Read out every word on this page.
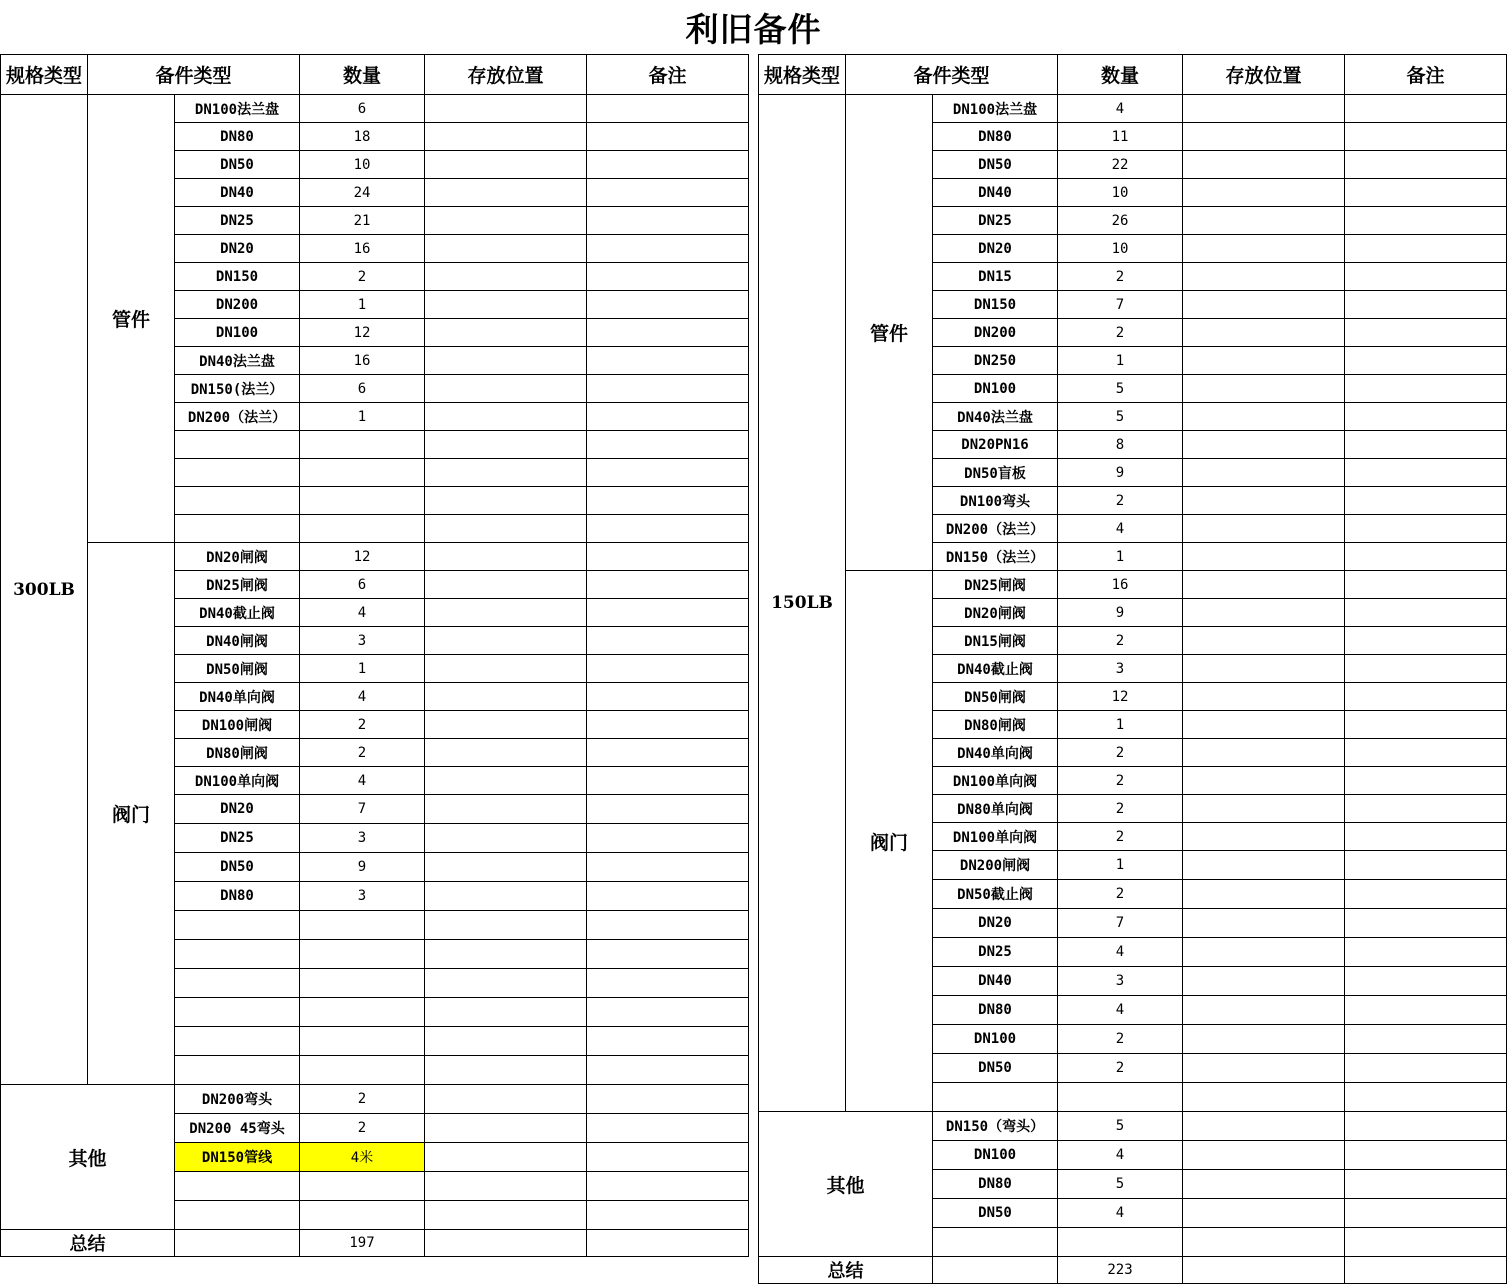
利旧备件
规格类型	备件类型		数量	存放位置	备注
300LB	管件	DN100法兰盘	6		
		DN80	18		
		DN50	10		
		DN40	24		
		DN25	21		
		DN20	16		
		DN150	2		
		DN200	1		
		DN100	12		
		DN40法兰盘	16		
		DN150(法兰）	6		
		DN200（法兰）	1		

	阀门	DN20闸阀	12		
		DN25闸阀	6		
		DN40截止阀	4		
		DN40闸阀	3		
		DN50闸阀	1		
		DN40单向阀	4		
		DN100闸阀	2		
		DN80闸阀	2		
		DN100单向阀	4		
		DN20	7		
		DN25	3		
		DN50	9		
		DN80	3		

其他		DN200弯头	2		
		DN200 45弯头	2		
		DN150管线	4米		

总结			197		
规格类型	备件类型		数量	存放位置	备注
150LB	管件	DN100法兰盘	4		
		DN80	11		
		DN50	22		
		DN40	10		
		DN25	26		
		DN20	10		
		DN15	2		
		DN150	7		
		DN200	2		
		DN250	1		
		DN100	5		
		DN40法兰盘	5		
		DN20PN16	8		
		DN50盲板	9		
		DN100弯头	2		
		DN200（法兰）	4		
		DN150（法兰）	1		
	阀门	DN25闸阀	16		
		DN20闸阀	9		
		DN15闸阀	2		
		DN40截止阀	3		
		DN50闸阀	12		
		DN80闸阀	1		
		DN40单向阀	2		
		DN100单向阀	2		
		DN80单向阀	2		
		DN100单向阀	2		
		DN200闸阀	1		
		DN50截止阀	2		
		DN20	7		
		DN25	4		
		DN40	3		
		DN80	4		
		DN100	2		
		DN50	2		

其他		DN150（弯头）	5		
		DN100	4		
		DN80	5		
		DN50	4		

总结			223		
